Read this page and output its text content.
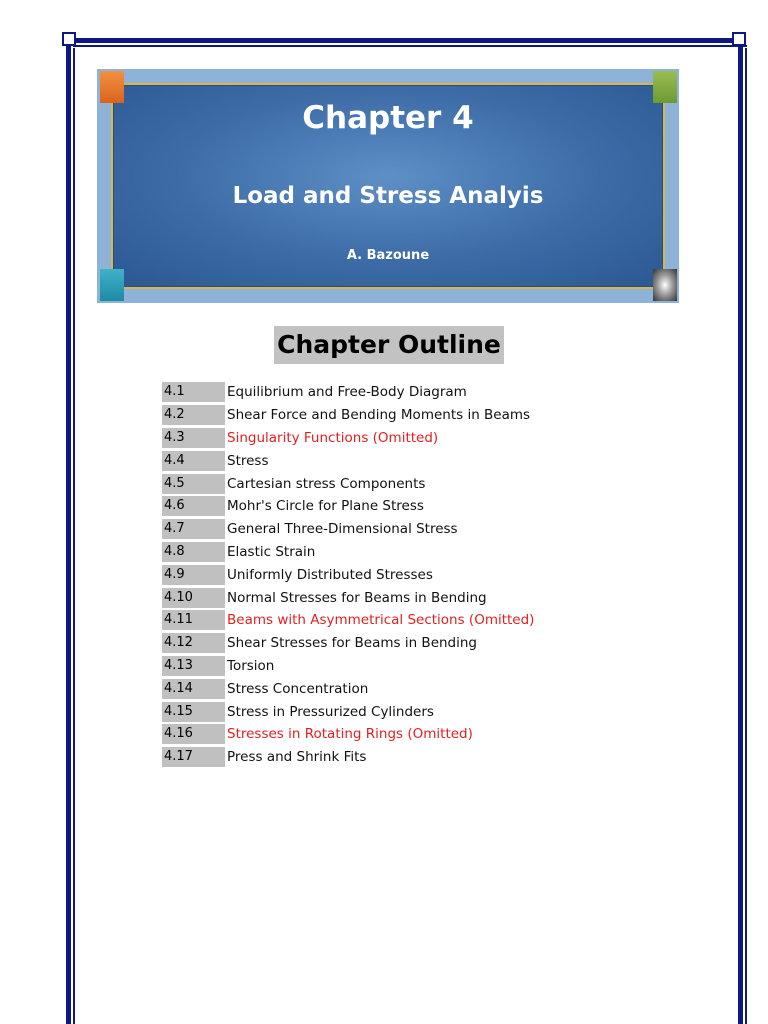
Chapter 4
Load and Stress Analyis
A. Bazoune
Chapter Outline
4.1	Equilibrium and Free-Body Diagram
4.2	Shear Force and Bending Moments in Beams
4.3	Singularity Functions (Omitted)
4.4	Stress
4.5	Cartesian stress Components
4.6	Mohr's Circle for Plane Stress
4.7	General Three-Dimensional Stress
4.8	Elastic Strain
4.9	Uniformly Distributed Stresses
4.10	Normal Stresses for Beams in Bending
4.11	Beams with Asymmetrical Sections (Omitted)
4.12	Shear Stresses for Beams in Bending
4.13	Torsion
4.14	Stress Concentration
4.15	Stress in Pressurized Cylinders
4.16	Stresses in Rotating Rings (Omitted)
4.17	Press and Shrink Fits
